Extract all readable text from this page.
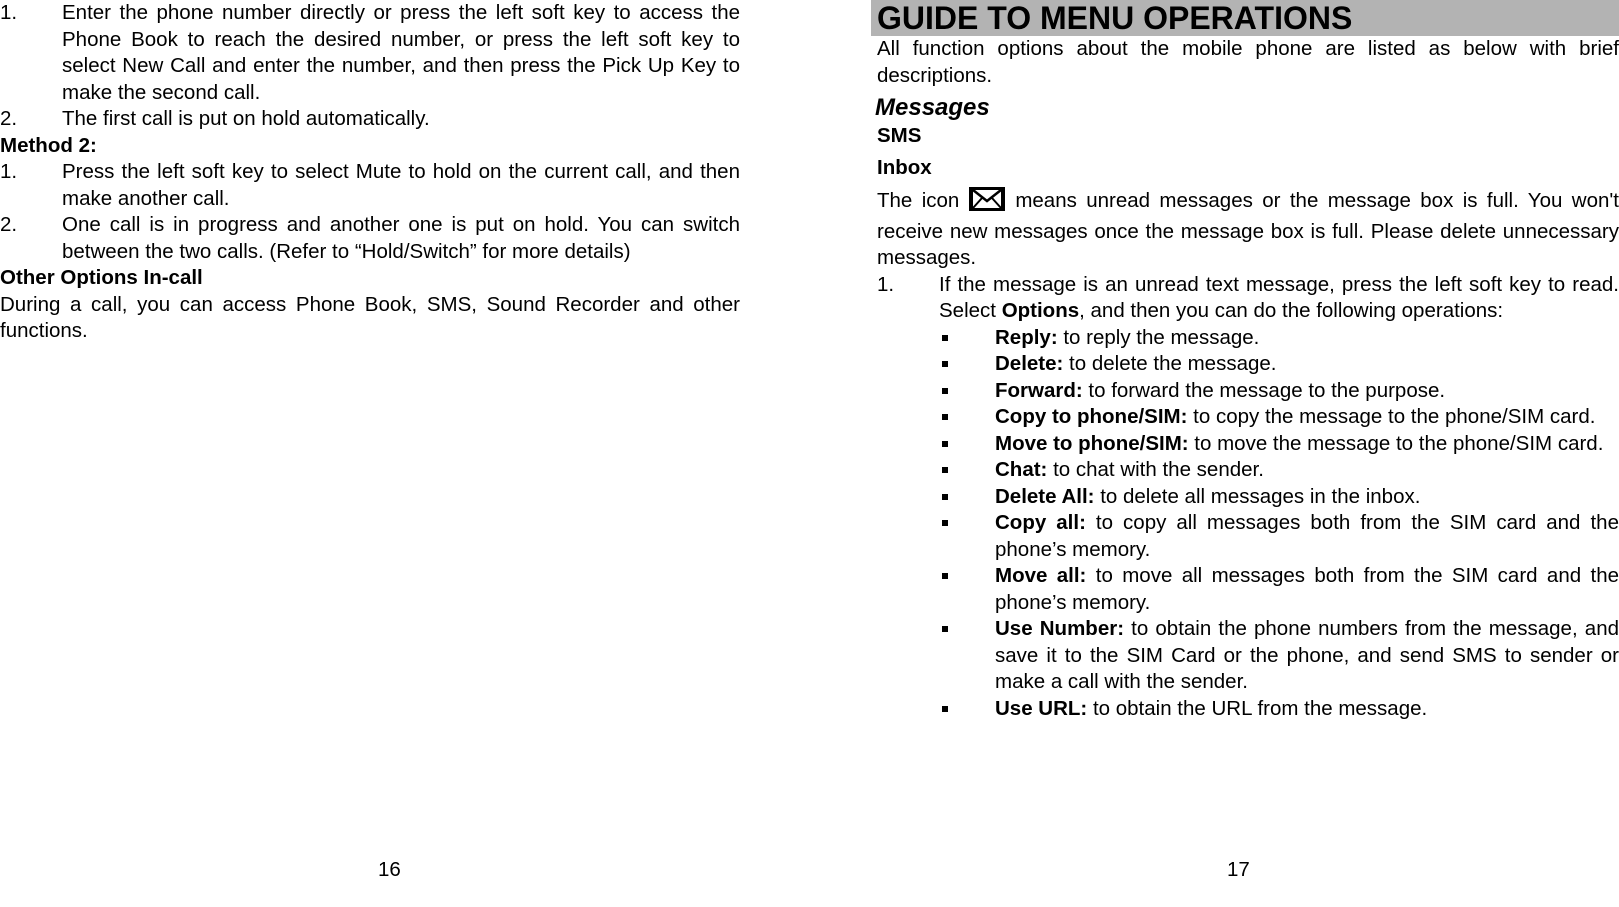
1.	Enter the phone number directly or press the left soft key to access the Phone Book to reach the desired number, or press the left soft key to select New Call and enter the number, and then press the Pick Up Key to make the second call.
2.	The first call is put on hold automatically.
Method 2:
1.	Press the left soft key to select Mute to hold on the current call, and then make another call.
2.	One call is in progress and another one is put on hold. You can switch between the two calls. (Refer to “Hold/Switch” for more details)
Other Options In-call

During a call, you can access Phone Book, SMS, Sound Recorder and other functions.

16
GUIDE TO MENU OPERATIONS

All function options about the mobile phone are listed as below with brief descriptions.

Messages
SMS
Inbox

The icon	means unread messages or the message box is full. You won't receive new messages once the message box is full. Please delete unnecessary messages.

1.	If the message is an unread text message, press the left soft key to read. Select Options, and then you can do the following operations:
Reply: to reply the message.
Delete: to delete the message.
Forward: to forward the message to the purpose.
Copy to phone/SIM: to copy the message to the phone/SIM card.
Move to phone/SIM: to move the message to the phone/SIM card.
Chat: to chat with the sender.
Delete All: to delete all messages in the inbox.
Copy all: to copy all messages both from the SIM card and the phone’s memory.
Move all: to move all messages both from the SIM card and the phone’s memory.
Use Number: to obtain the phone numbers from the message, and save it to the SIM Card or the phone, and send SMS to sender or make a call with the sender.
Use URL: to obtain the URL from the message.
17
